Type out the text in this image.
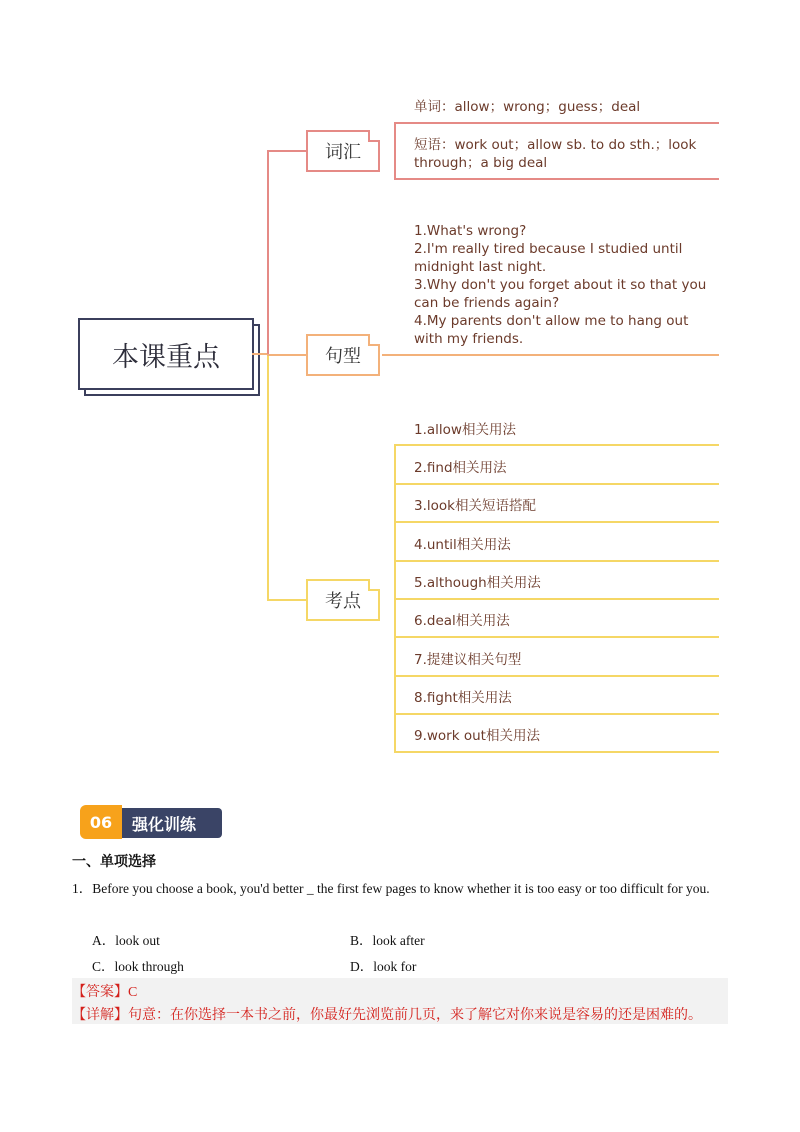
本课重点
词汇
单词：allow；wrong；guess；deal
短语：work out；allow sb. to do sth.；look through；a big deal
句型
1.What's wrong?
2.I'm really tired because I studied until midnight last night.
3.Why don't you forget about it so that you can be friends again?
4.My parents don't allow me to hang out with my friends.
考点
1.allow相关用法
2.find相关用法
3.look相关短语搭配
4.until相关用法
5.although相关用法
6.deal相关用法
7.提建议相关句型
8.fight相关用法
9.work out相关用法
强化训练
06
一、单项选择
1．Before you choose a book, you'd better _ the first few pages to know whether it is too easy or too difficult for you.
A．look out	B．look after
C．look through	D．look for
【答案】C
【详解】句意：在你选择一本书之前，你最好先浏览前几页，来了解它对你来说是容易的还是困难的。
